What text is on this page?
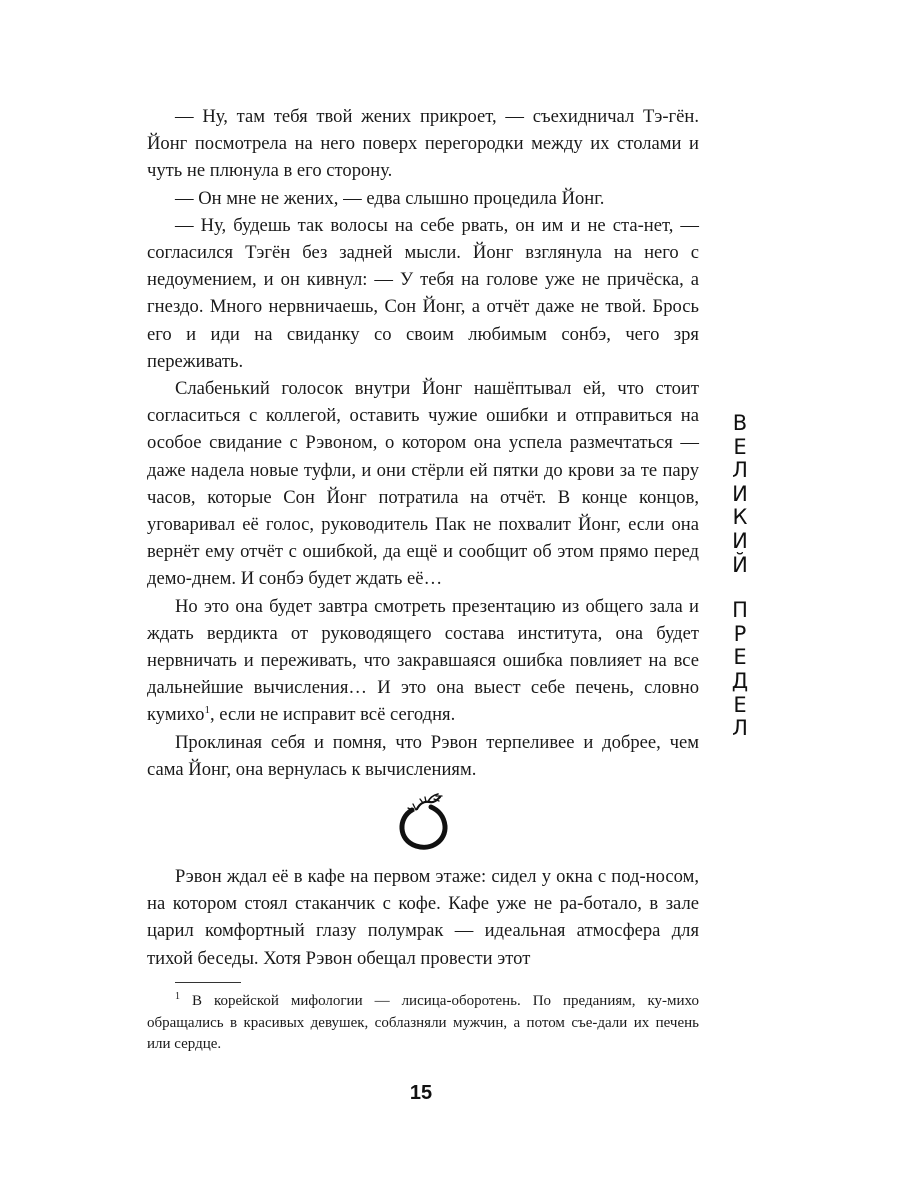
— Ну, там тебя твой жених прикроет, — съехидничал Тэ-гён. Йонг посмотрела на него поверх перегородки между их столами и чуть не плюнула в его сторону.

— Он мне не жених, — едва слышно процедила Йонг.

— Ну, будешь так волосы на себе рвать, он им и не ста-нет, — согласился Тэгён без задней мысли. Йонг взглянула на него с недоумением, и он кивнул: — У тебя на голове уже не причёска, а гнездо. Много нервничаешь, Сон Йонг, а отчёт даже не твой. Брось его и иди на свиданку со своим любимым сонбэ, чего зря переживать.

Слабенький голосок внутри Йонг нашёптывал ей, что стоит согласиться с коллегой, оставить чужие ошибки и отправиться на особое свидание с Рэвоном, о котором она успела размечтаться — даже надела новые туфли, и они стёрли ей пятки до крови за те пару часов, которые Сон Йонг потратила на отчёт. В конце концов, уговаривал её голос, руководитель Пак не похвалит Йонг, если она вернёт ему отчёт с ошибкой, да ещё и сообщит об этом прямо перед демо-днем. И сонбэ будет ждать её…

Но это она будет завтра смотреть презентацию из общего зала и ждать вердикта от руководящего состава института, она будет нервничать и переживать, что закравшаяся ошибка повлияет на все дальнейшие вычисления… И это она выест себе печень, словно кумихо$^1$, если не исправит всё сегодня.

Проклиная себя и помня, что Рэвон терпеливее и добрее, чем сама Йонг, она вернулась к вычислениям.

Рэвон ждал её в кафе на первом этаже: сидел у окна с под-носом, на котором стоял стаканчик с кофе. Кафе уже не ра-ботало, в зале царил комфортный глазу полумрак — идеальная атмосфера для тихой беседы. Хотя Рэвон обещал провести этот

$^1$ В корейской мифологии — лисица-оборотень. По преданиям, ку-михо обращались в красивых девушек, соблазняли мужчин, а потом съе-дали их печень или сердце.

15
В
Е
Л
И
К
И
Й
П
Р
Е
Д
Е
Л
